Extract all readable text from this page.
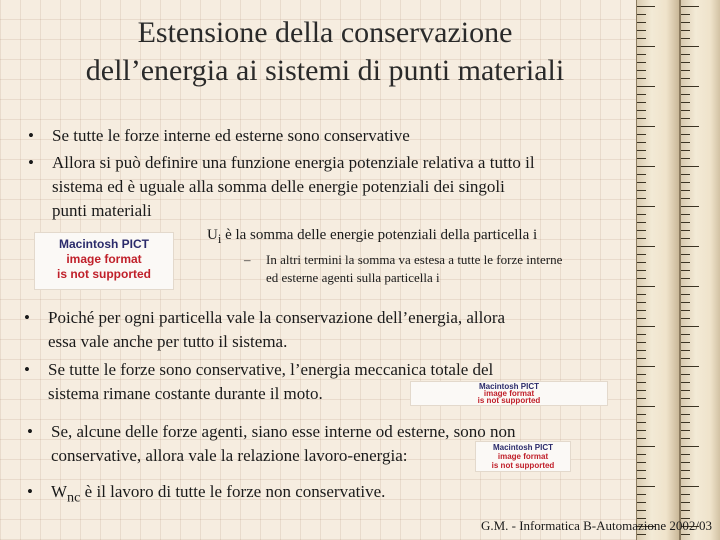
Estensione della conservazione
dell’energia ai sistemi di punti materiali
•	Se tutte le forze interne ed esterne sono conservative
•	Allora si può definire una funzione energia potenziale relativa a tutto il
sistema ed è uguale alla somma delle energie potenziali dei singoli
punti materiali
Macintosh PICT
image format
is not supported
$U_i$ è la somma delle energie potenziali della particella i
–	In altri termini la somma va estesa a tutte le forze interne
ed esterne agenti sulla particella i
•	Poiché per ogni particella vale la conservazione dell’energia, allora
essa vale anche per tutto il sistema.
•	Se tutte le forze sono conservative, l’energia meccanica totale del
sistema rimane costante durante il moto.	Macintosh PICT
image format
is not supported
•	Se, alcune delle forze agenti, siano esse interne od esterne, sono non
conservative, allora vale la relazione lavoro-energia:	Macintosh PICT
image format
is not supported
•	$W_{nc}$ è il lavoro di tutte le forze non conservative.
G.M. - Informatica B-Automazione 2002/03
